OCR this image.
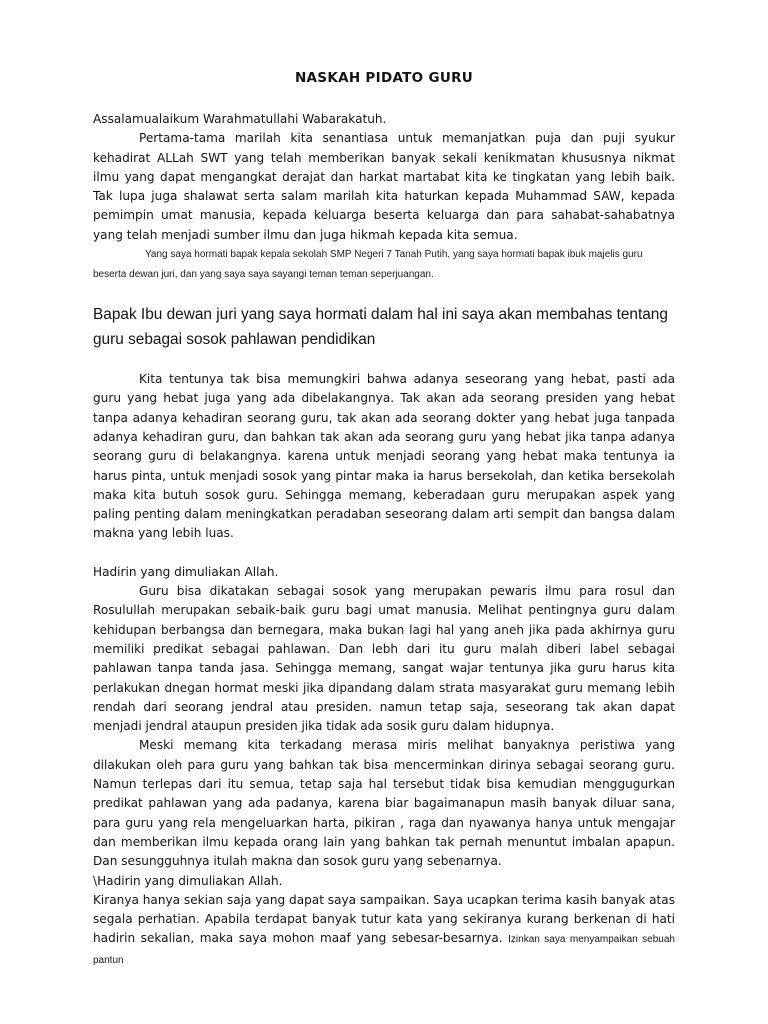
NASKAH PIDATO GURU

Assalamualaikum Warahmatullahi Wabarakatuh.

Pertama-tama marilah kita senantiasa untuk memanjatkan puja dan puji syukur kehadirat ALLah SWT yang telah memberikan banyak sekali kenikmatan khususnya nikmat ilmu yang dapat mengangkat derajat dan harkat martabat kita ke tingkatan yang lebih baik. Tak lupa juga shalawat serta salam marilah kita haturkan kepada Muhammad SAW, kepada pemimpin umat manusia, kepada keluarga beserta keluarga dan para sahabat-sahabatnya yang telah menjadi sumber ilmu dan juga hikmah kepada kita semua.

Yang saya hormati bapak kepala sekolah SMP Negeri 7 Tanah Putih, yang saya hormati bapak ibuk majelis guru beserta dewan juri, dan yang saya saya sayangi teman teman seperjuangan.

Bapak Ibu dewan juri yang saya hormati dalam hal ini saya akan membahas tentang guru sebagai sosok pahlawan pendidikan

Kita tentunya tak bisa memungkiri bahwa adanya seseorang yang hebat, pasti ada guru yang hebat juga yang ada dibelakangnya. Tak akan ada seorang presiden yang hebat tanpa adanya kehadiran seorang guru, tak akan ada seorang dokter yang hebat juga tanpada adanya kehadiran guru, dan bahkan tak akan ada seorang guru yang hebat jika tanpa adanya seorang guru di belakangnya. karena untuk menjadi seorang yang hebat maka tentunya ia harus pinta, untuk menjadi sosok yang pintar maka ia harus bersekolah, dan ketika bersekolah maka kita butuh sosok guru. Sehingga memang, keberadaan guru merupakan aspek yang paling penting dalam meningkatkan peradaban seseorang dalam arti sempit dan bangsa dalam makna yang lebih luas.

Hadirin yang dimuliakan Allah.

Guru bisa dikatakan sebagai sosok yang merupakan pewaris ilmu para rosul dan Rosulullah merupakan sebaik-baik guru bagi umat manusia. Melihat pentingnya guru dalam kehidupan berbangsa dan bernegara, maka bukan lagi hal yang aneh jika pada akhirnya guru memiliki predikat sebagai pahlawan. Dan lebh dari itu guru malah diberi label sebagai pahlawan tanpa tanda jasa. Sehingga memang, sangat wajar tentunya jika guru harus kita perlakukan dnegan hormat meski jika dipandang dalam strata masyarakat guru memang lebih rendah dari seorang jendral atau presiden. namun tetap saja, seseorang tak akan dapat menjadi jendral ataupun presiden jika tidak ada sosik guru dalam hidupnya.

Meski memang kita terkadang merasa miris melihat banyaknya peristiwa yang dilakukan oleh para guru yang bahkan tak bisa mencerminkan dirinya sebagai seorang guru. Namun terlepas dari itu semua, tetap saja hal tersebut tidak bisa kemudian menggugurkan predikat pahlawan yang ada padanya, karena biar bagaimanapun masih banyak diluar sana, para guru yang rela mengeluarkan harta, pikiran , raga dan nyawanya hanya untuk mengajar dan memberikan ilmu kepada orang lain yang bahkan tak pernah menuntut imbalan apapun. Dan sesungguhnya itulah makna dan sosok guru yang sebenarnya.

\Hadirin yang dimuliakan Allah.

Kiranya hanya sekian saja yang dapat saya sampaikan. Saya ucapkan terima kasih banyak atas segala perhatian. Apabila terdapat banyak tutur kata yang sekiranya kurang berkenan di hati hadirin sekalian, maka saya mohon maaf yang sebesar-besarnya. Izinkan saya menyampaikan sebuah pantun
